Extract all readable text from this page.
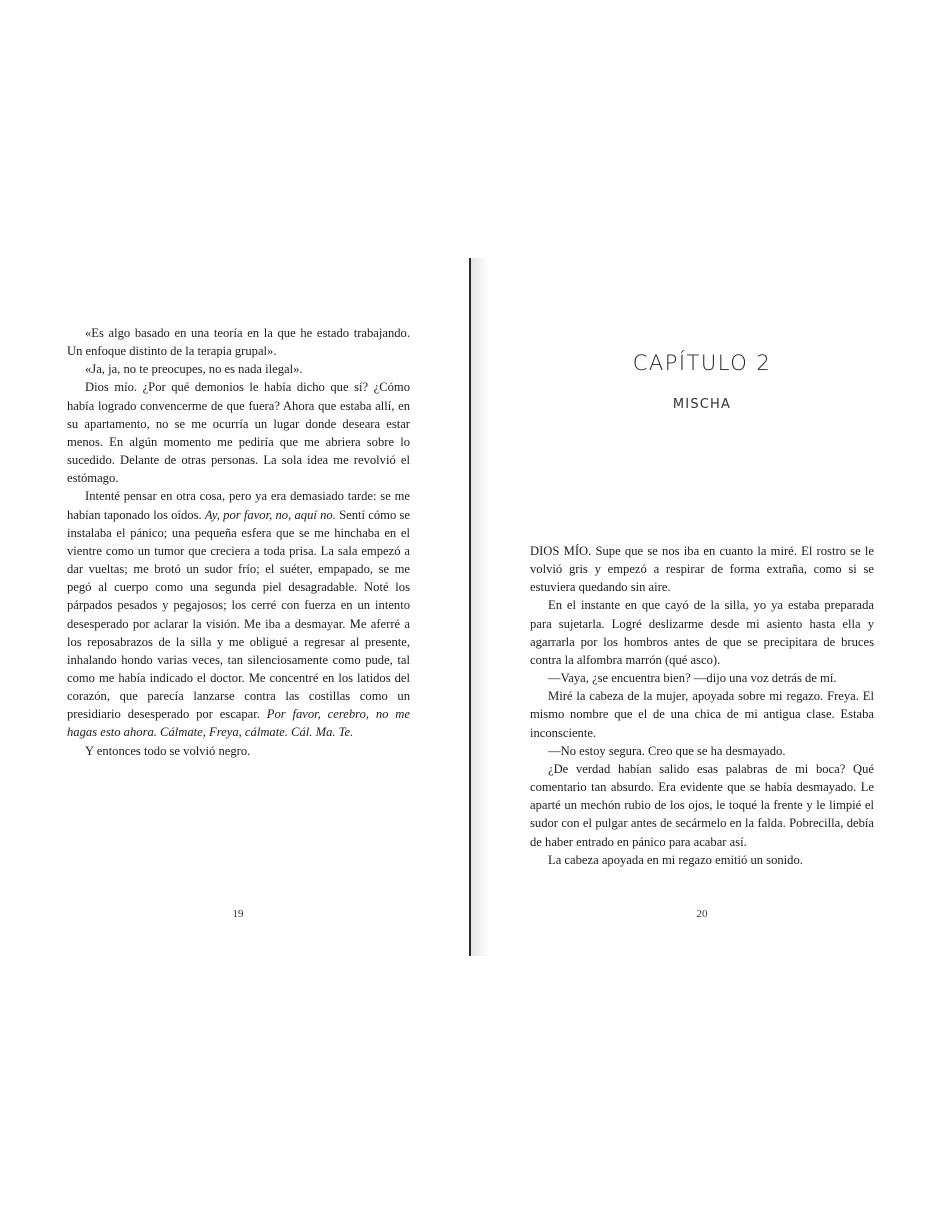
«Es algo basado en una teoría en la que he estado trabajando. Un enfoque distinto de la terapia grupal».

«Ja, ja, no te preocupes, no es nada ilegal».

Dios mío. ¿Por qué demonios le había dicho que sí? ¿Cómo había logrado convencerme de que fuera? Ahora que estaba allí, en su apartamento, no se me ocurría un lugar donde deseara estar menos. En algún momento me pediría que me abriera sobre lo sucedido. Delante de otras personas. La sola idea me revolvió el estómago.

Intenté pensar en otra cosa, pero ya era demasiado tarde: se me habían taponado los oídos. Ay, por favor, no, aquí no. Sentí cómo se instalaba el pánico; una pequeña esfera que se me hinchaba en el vientre como un tumor que creciera a toda prisa. La sala empezó a dar vueltas; me brotó un sudor frío; el suéter, empapado, se me pegó al cuerpo como una segunda piel desagradable. Noté los párpados pesados y pegajosos; los cerré con fuerza en un intento desesperado por aclarar la visión. Me iba a desmayar. Me aferré a los reposabrazos de la silla y me obligué a regresar al presente, inhalando hondo varias veces, tan silenciosamente como pude, tal como me había indicado el doctor. Me concentré en los latidos del corazón, que parecía lanzarse contra las costillas como un presidiario desesperado por escapar. Por favor, cerebro, no me hagas esto ahora. Cálmate, Freya, cálmate. Cál. Ma. Te.

Y entonces todo se volvió negro.

19
CAPÍTULO 2
MISCHA

DIOS MÍO. Supe que se nos iba en cuanto la miré. El rostro se le volvió gris y empezó a respirar de forma extraña, como si se estuviera quedando sin aire.

En el instante en que cayó de la silla, yo ya estaba preparada para sujetarla. Logré deslizarme desde mi asiento hasta ella y agarrarla por los hombros antes de que se precipitara de bruces contra la alfombra marrón (qué asco).

—Vaya, ¿se encuentra bien? —dijo una voz detrás de mí.

Miré la cabeza de la mujer, apoyada sobre mi regazo. Freya. El mismo nombre que el de una chica de mi antigua clase. Estaba inconsciente.

—No estoy segura. Creo que se ha desmayado.

¿De verdad habían salido esas palabras de mi boca? Qué comentario tan absurdo. Era evidente que se había desmayado. Le aparté un mechón rubio de los ojos, le toqué la frente y le limpié el sudor con el pulgar antes de secármelo en la falda. Pobrecilla, debía de haber entrado en pánico para acabar así.

La cabeza apoyada en mi regazo emitió un sonido.

20
